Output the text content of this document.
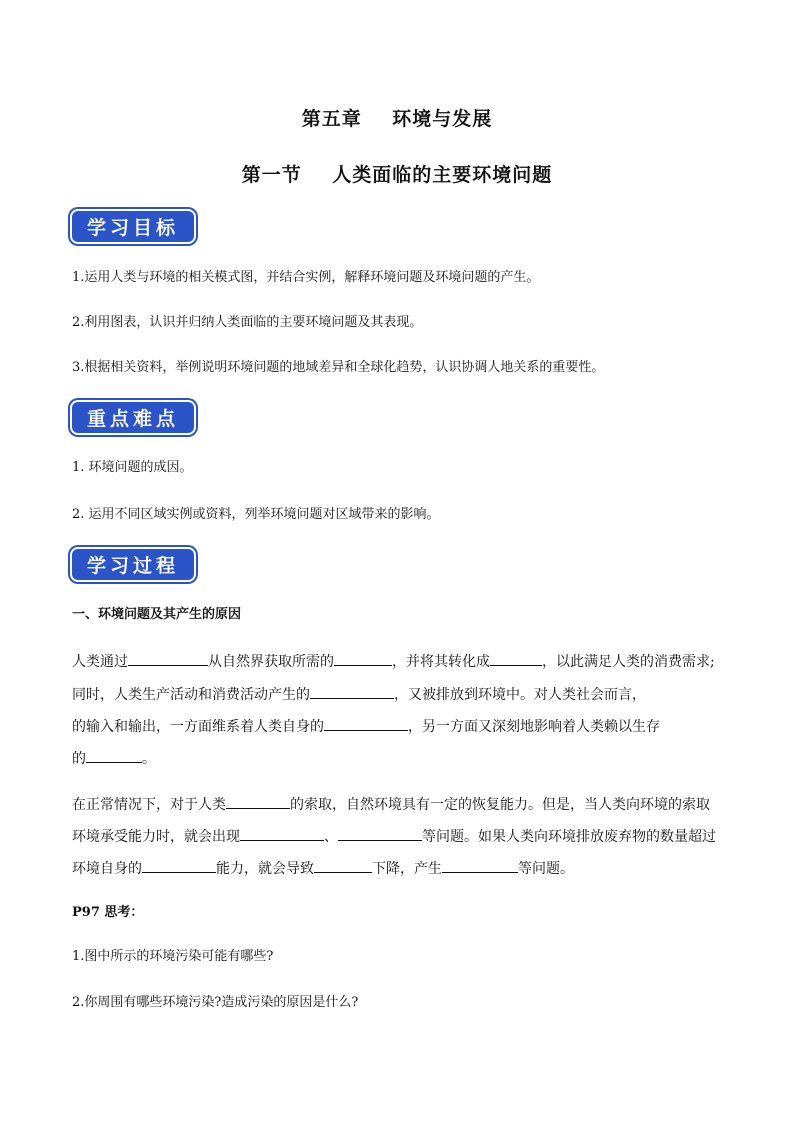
第五章    环境与发展
第一节    人类面临的主要环境问题
学习目标
1.运用人类与环境的相关模式图，并结合实例，解释环境问题及环境问题的产生。
2.利用图表，认识并归纳人类面临的主要环境问题及其表现。
3.根据相关资料，举例说明环境问题的地域差异和全球化趋势，认识协调人地关系的重要性。
重点难点
1. 环境问题的成因。
2. 运用不同区域实例或资料，列举环境问题对区域带来的影响。
学习过程
一、环境问题及其产生的原因
人类通过	从自然界获取所需的	，并将其转化成	，以此满足人类的消费需求;
同时，人类生产活动和消费活动产生的	，又被排放到环境中。对人类社会而言，
的输入和输出，一方面维系着人类自身的	，另一方面又深刻地影响着人类赖以生存
的	。
在正常情况下，对于人类	的索取，自然环境具有一定的恢复能力。但是，当人类向环境的索取
环境承受能力时，就会出现	、	等问题。如果人类向环境排放废弃物的数量超过
环境自身的	能力，就会导致	下降，产生	等问题。
P97 思考：
1.图中所示的环境污染可能有哪些?
2.你周围有哪些环境污染?造成污染的原因是什么?
